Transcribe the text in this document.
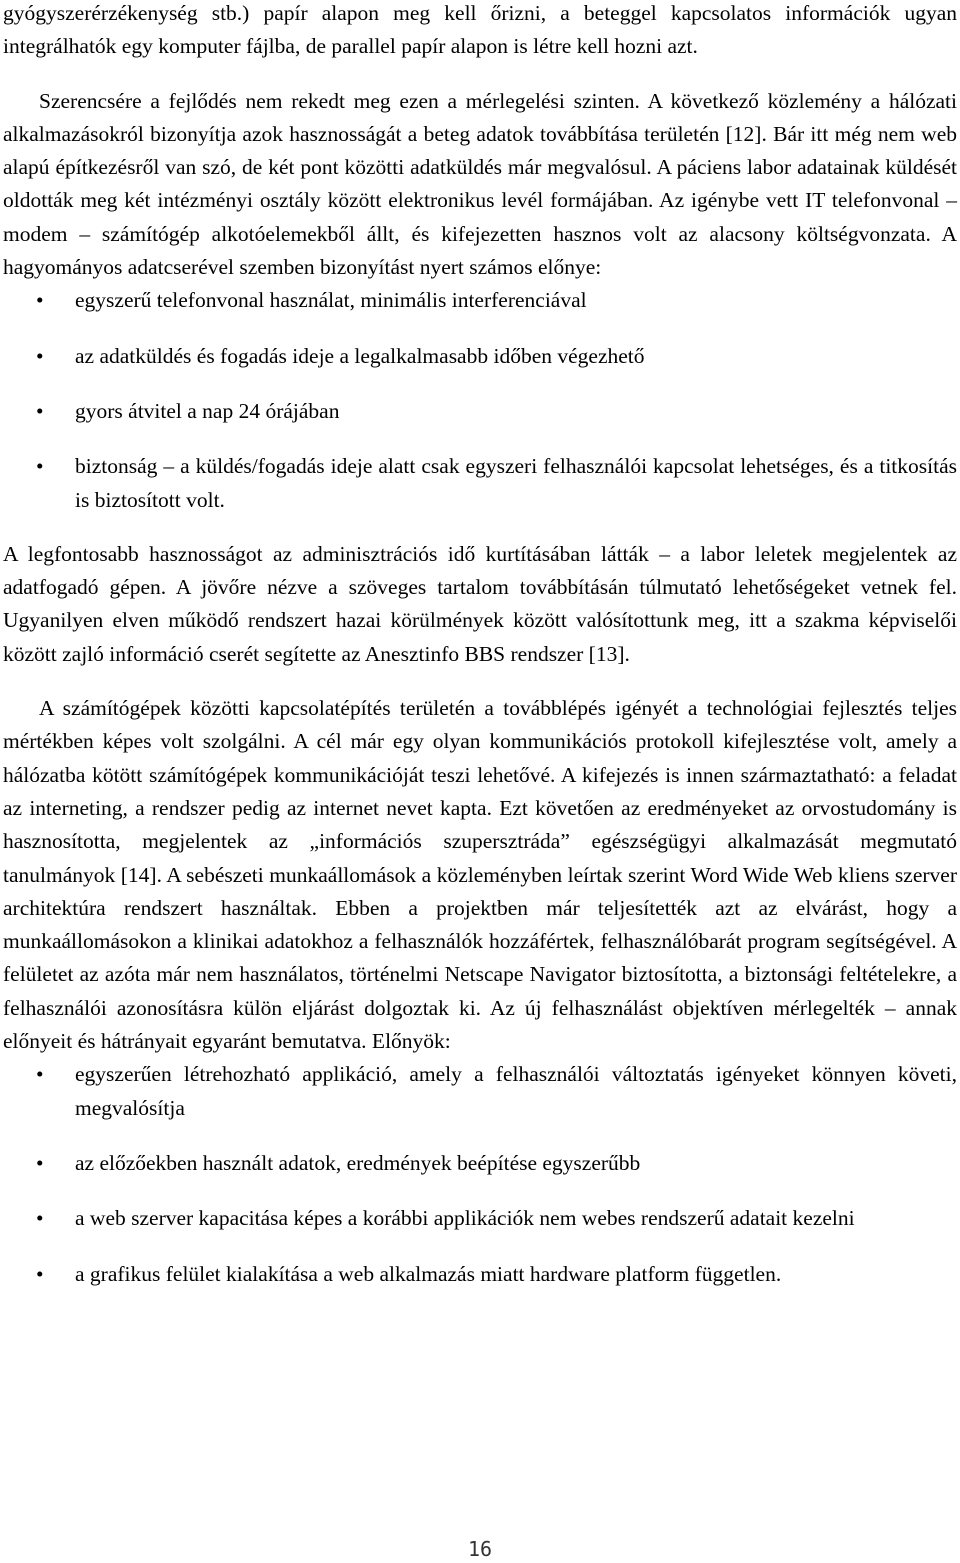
gyógyszerérzékenység stb.) papír alapon meg kell őrizni, a beteggel kapcsolatos információk ugyan integrálhatók egy komputer fájlba, de parallel papír alapon is létre kell hozni azt.

Szerencsére a fejlődés nem rekedt meg ezen a mérlegelési szinten. A következő közlemény a hálózati alkalmazásokról bizonyítja azok hasznosságát a beteg adatok továbbítása területén [12]. Bár itt még nem web alapú építkezésről van szó, de két pont közötti adatküldés már megvalósul. A páciens labor adatainak küldését oldották meg két intézményi osztály között elektronikus levél formájában. Az igénybe vett IT telefonvonal – modem – számítógép alkotóelemekből állt, és kifejezetten hasznos volt az alacsony költségvonzata. A hagyományos adatcserével szemben bizonyítást nyert számos előnye:

• egyszerű telefonvonal használat, minimális interferenciával
• az adatküldés és fogadás ideje a legalkalmasabb időben végezhető
• gyors átvitel a nap 24 órájában
• biztonság – a küldés/fogadás ideje alatt csak egyszeri felhasználói kapcsolat lehetséges, és a titkosítás is biztosított volt.

A legfontosabb hasznosságot az adminisztrációs idő kurtításában látták – a labor leletek megjelentek az adatfogadó gépen. A jövőre nézve a szöveges tartalom továbbításán túlmutató lehetőségeket vetnek fel. Ugyanilyen elven működő rendszert hazai körülmények között valósítottunk meg, itt a szakma képviselői között zajló információ cserét segítette az Anesztinfo BBS rendszer [13].

A számítógépek közötti kapcsolatépítés területén a továbblépés igényét a technológiai fejlesztés teljes mértékben képes volt szolgálni. A cél már egy olyan kommunikációs protokoll kifejlesztése volt, amely a hálózatba kötött számítógépek kommunikációját teszi lehetővé. A kifejezés is innen származtatható: a feladat az interneting, a rendszer pedig az internet nevet kapta. Ezt követően az eredményeket az orvostudomány is hasznosította, megjelentek az „információs szupersztráda” egészségügyi alkalmazását megmutató tanulmányok [14]. A sebészeti munkaállomások a közleményben leírtak szerint Word Wide Web kliens szerver architektúra rendszert használtak. Ebben a projektben már teljesítették azt az elvárást, hogy a munkaállomásokon a klinikai adatokhoz a felhasználók hozzáfértek, felhasználóbarát program segítségével. A felületet az azóta már nem használatos, történelmi Netscape Navigator biztosította, a biztonsági feltételekre, a felhasználói azonosításra külön eljárást dolgoztak ki. Az új felhasználást objektíven mérlegelték – annak előnyeit és hátrányait egyaránt bemutatva. Előnyök:

• egyszerűen létrehozható applikáció, amely a felhasználói változtatás igényeket könnyen követi, megvalósítja
• az előzőekben használt adatok, eredmények beépítése egyszerűbb
• a web szerver kapacitása képes a korábbi applikációk nem webes rendszerű adatait kezelni
• a grafikus felület kialakítása a web alkalmazás miatt hardware platform független.
16
